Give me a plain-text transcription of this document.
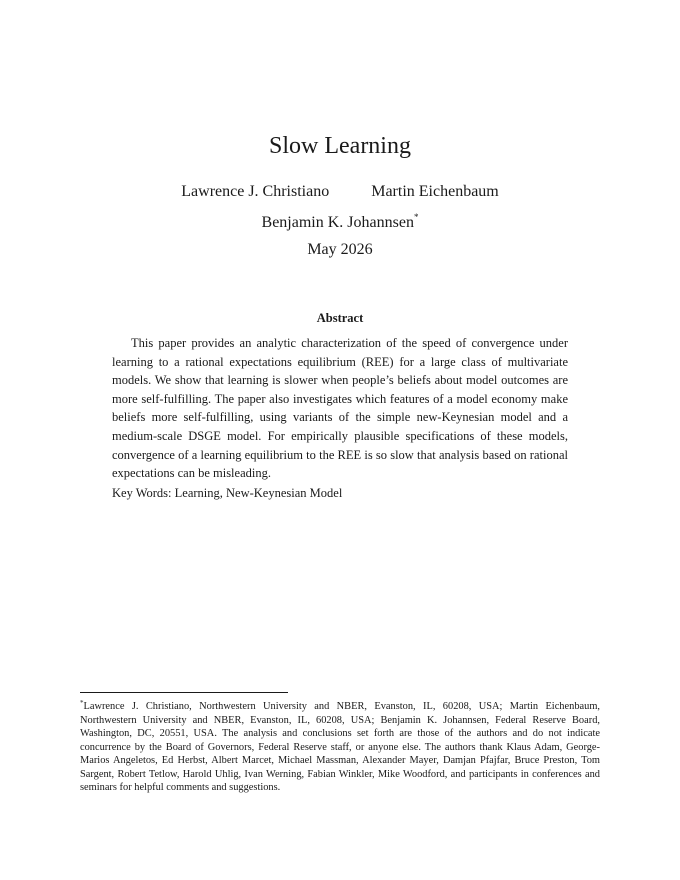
Slow Learning
Lawrence J. Christiano	Martin Eichenbaum
Benjamin K. Johannsen*
May 2026
Abstract

This paper provides an analytic characterization of the speed of convergence under learning to a rational expectations equilibrium (REE) for a large class of multivariate models. We show that learning is slower when people’s beliefs about model outcomes are more self-fulfilling. The paper also investigates which features of a model economy make beliefs more self-fulfilling, using variants of the simple new-Keynesian model and a medium-scale DSGE model. For empirically plausible specifications of these models, convergence of a learning equilibrium to the REE is so slow that analysis based on rational expectations can be misleading.

Key Words: Learning, New-Keynesian Model

*Lawrence J. Christiano, Northwestern University and NBER, Evanston, IL, 60208, USA; Martin Eichenbaum, Northwestern University and NBER, Evanston, IL, 60208, USA; Benjamin K. Johannsen, Federal Reserve Board, Washington, DC, 20551, USA. The analysis and conclusions set forth are those of the authors and do not indicate concurrence by the Board of Governors, Federal Reserve staff, or anyone else. The authors thank Klaus Adam, George-Marios Angeletos, Ed Herbst, Albert Marcet, Michael Massman, Alexander Mayer, Damjan Pfajfar, Bruce Preston, Tom Sargent, Robert Tetlow, Harold Uhlig, Ivan Werning, Fabian Winkler, Mike Woodford, and participants in conferences and seminars for helpful comments and suggestions.
